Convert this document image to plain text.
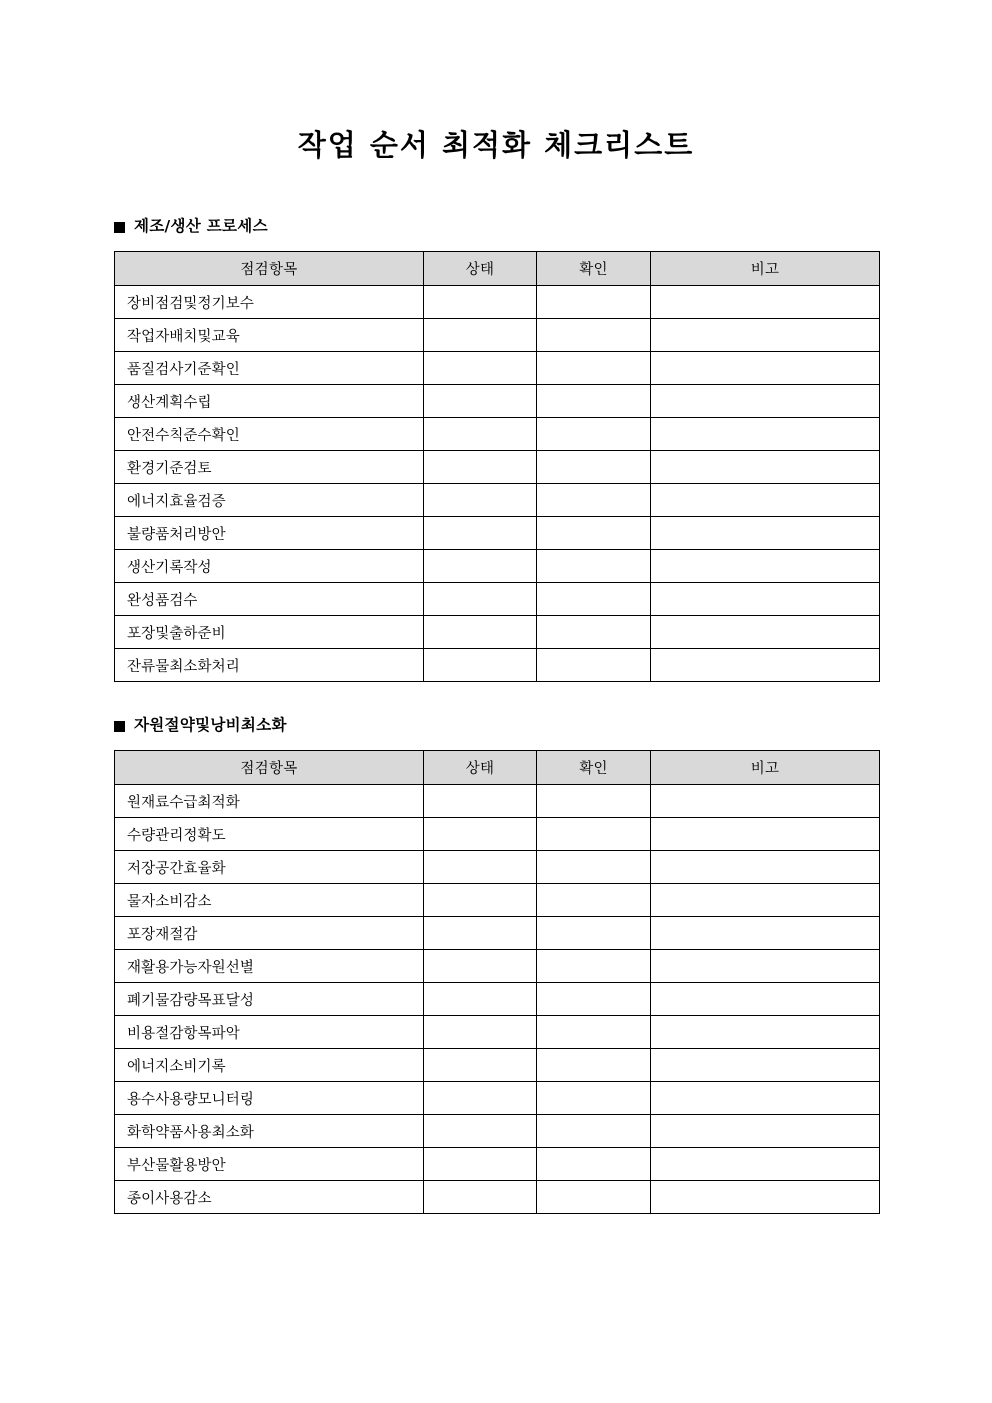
작업 순서 최적화 체크리스트
제조/생산 프로세스
점검항목	상태	확인	비고
장비점검및정기보수			
작업자배치및교육			
품질검사기준확인			
생산계획수립			
안전수칙준수확인			
환경기준검토			
에너지효율검증			
불량품처리방안			
생산기록작성			
완성품검수			
포장및출하준비			
잔류물최소화처리			
자원절약및낭비최소화
점검항목	상태	확인	비고
원재료수급최적화			
수량관리정확도			
저장공간효율화			
물자소비감소			
포장재절감			
재활용가능자원선별			
폐기물감량목표달성			
비용절감항목파악			
에너지소비기록			
용수사용량모니터링			
화학약품사용최소화			
부산물활용방안			
종이사용감소			
